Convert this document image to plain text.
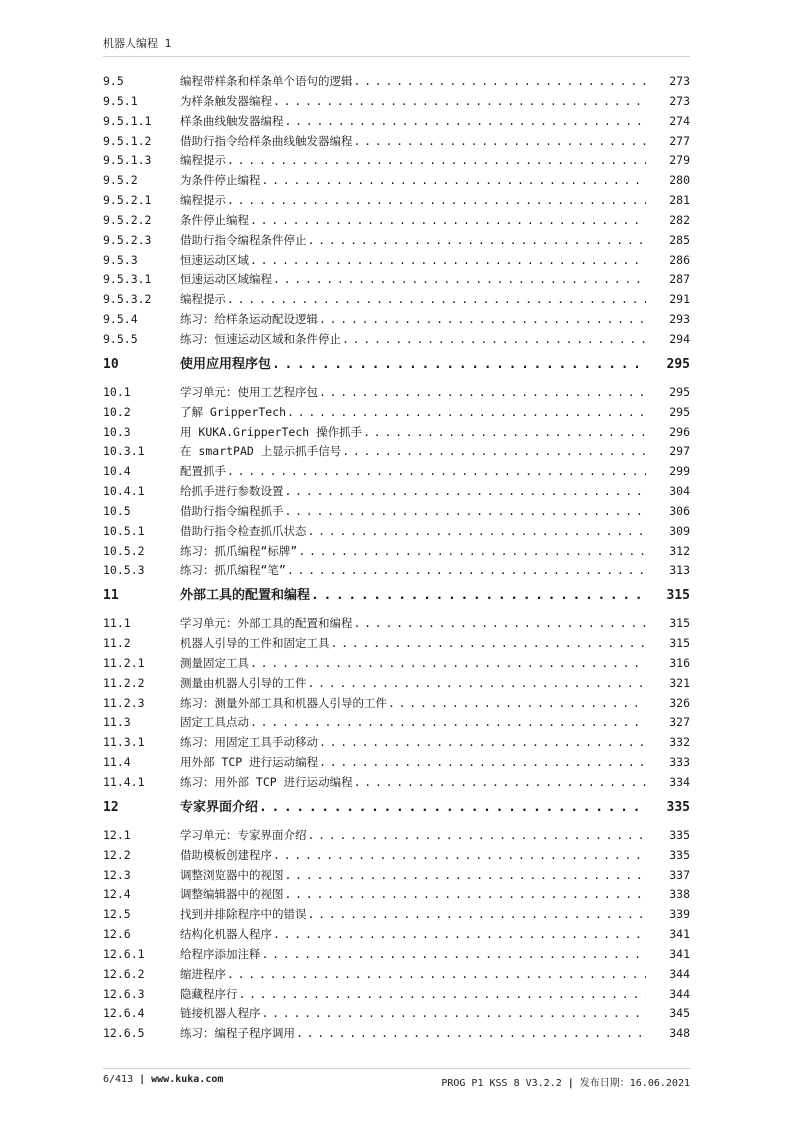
机器人编程 1
9.5	编程带样条和样条单个语句的逻辑 . . .	273
9.5.1	为样条触发器编程 . . .	273
9.5.1.1	样条曲线触发器编程 . . .	274
9.5.1.2	借助行指令给样条曲线触发器编程 . . .	277
9.5.1.3	编程提示 . . .	279
9.5.2	为条件停止编程 . . .	280
9.5.2.1	编程提示 . . .	281
9.5.2.2	条件停止编程 . . .	282
9.5.2.3	借助行指令编程条件停止 . . .	285
9.5.3	恒速运动区域 . . .	286
9.5.3.1	恒速运动区域编程 . . .	287
9.5.3.2	编程提示 . . .	291
9.5.4	练习：给样条运动配设逻辑 . . .	293
9.5.5	练习：恒速运动区域和条件停止 . . .	294
10	使用应用程序包 . . .	295
10.1	学习单元：使用工艺程序包 . . .	295
10.2	了解 GripperTech . . .	295
10.3	用 KUKA.GripperTech 操作抓手 . . .	296
10.3.1	在 smartPAD 上显示抓手信号 . . .	297
10.4	配置抓手 . . .	299
10.4.1	给抓手进行参数设置 . . .	304
10.5	借助行指令编程抓手 . . .	306
10.5.1	借助行指令检查抓爪状态 . . .	309
10.5.2	练习：抓爪编程“标牌” . . .	312
10.5.3	练习：抓爪编程“笔” . . .	313
11	外部工具的配置和编程 . . .	315
11.1	学习单元：外部工具的配置和编程 . . .	315
11.2	机器人引导的工件和固定工具 . . .	315
11.2.1	测量固定工具 . . .	316
11.2.2	测量由机器人引导的工件 . . .	321
11.2.3	练习：测量外部工具和机器人引导的工件 . . .	326
11.3	固定工具点动 . . .	327
11.3.1	练习：用固定工具手动移动 . . .	332
11.4	用外部 TCP 进行运动编程 . . .	333
11.4.1	练习：用外部 TCP 进行运动编程 . . .	334
12	专家界面介绍 . . .	335
12.1	学习单元：专家界面介绍 . . .	335
12.2	借助模板创建程序 . . .	335
12.3	调整浏览器中的视图 . . .	337
12.4	调整编辑器中的视图 . . .	338
12.5	找到并排除程序中的错误 . . .	339
12.6	结构化机器人程序 . . .	341
12.6.1	给程序添加注释 . . .	341
12.6.2	缩进程序 . . .	344
12.6.3	隐藏程序行 . . .	344
12.6.4	链接机器人程序 . . .	345
12.6.5	练习：编程子程序调用 . . .	348
6/413 | www.kuka.com	PROG P1 KSS 8 V3.2.2 | 发布日期：16.06.2021
